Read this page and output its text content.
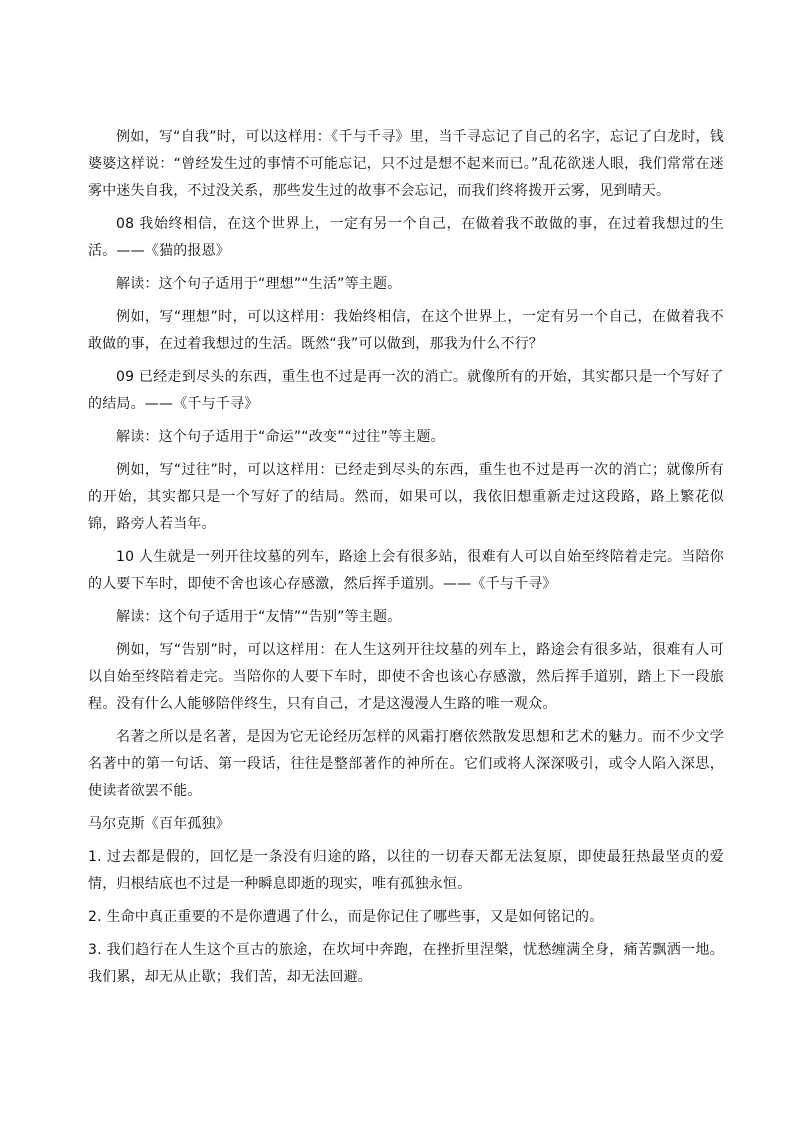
例如，写“自我”时，可以这样用：《千与千寻》里，当千寻忘记了自己的名字，忘记了白龙时，钱婆婆这样说：“曾经发生过的事情不可能忘记，只不过是想不起来而已。”乱花欲迷人眼，我们常常在迷雾中迷失自我，不过没关系，那些发生过的故事不会忘记，而我们终将拨开云雾，见到晴天。

08 我始终相信，在这个世界上，一定有另一个自己，在做着我不敢做的事，在过着我想过的生活。——《猫的报恩》

解读：这个句子适用于“理想”“生活”等主题。

例如，写“理想”时，可以这样用：我始终相信，在这个世界上，一定有另一个自己，在做着我不敢做的事，在过着我想过的生活。既然“我”可以做到，那我为什么不行？

09 已经走到尽头的东西，重生也不过是再一次的消亡。就像所有的开始，其实都只是一个写好了的结局。——《千与千寻》

解读：这个句子适用于“命运”“改变”“过往”等主题。

例如，写“过往”时，可以这样用：已经走到尽头的东西，重生也不过是再一次的消亡；就像所有的开始，其实都只是一个写好了的结局。然而，如果可以，我依旧想重新走过这段路，路上繁花似锦，路旁人若当年。

10 人生就是一列开往坟墓的列车，路途上会有很多站，很难有人可以自始至终陪着走完。当陪你的人要下车时，即使不舍也该心存感激，然后挥手道别。——《千与千寻》

解读：这个句子适用于“友情”“告别”等主题。

例如，写“告别”时，可以这样用：在人生这列开往坟墓的列车上，路途会有很多站，很难有人可以自始至终陪着走完。当陪你的人要下车时，即使不舍也该心存感激，然后挥手道别，踏上下一段旅程。没有什么人能够陪伴终生，只有自己，才是这漫漫人生路的唯一观众。

名著之所以是名著，是因为它无论经历怎样的风霜打磨依然散发思想和艺术的魅力。而不少文学名著中的第一句话、第一段话，往往是整部著作的神所在。它们或将人深深吸引，或令人陷入深思，使读者欲罢不能。

马尔克斯《百年孤独》

1. 过去都是假的，回忆是一条没有归途的路，以往的一切春天都无法复原，即使最狂热最坚贞的爱情，归根结底也不过是一种瞬息即逝的现实，唯有孤独永恒。

2. 生命中真正重要的不是你遭遇了什么，而是你记住了哪些事，又是如何铭记的。

3. 我们趋行在人生这个亘古的旅途，在坎坷中奔跑，在挫折里涅槃，忧愁缠满全身，痛苦飘洒一地。我们累，却无从止歇；我们苦，却无法回避。
